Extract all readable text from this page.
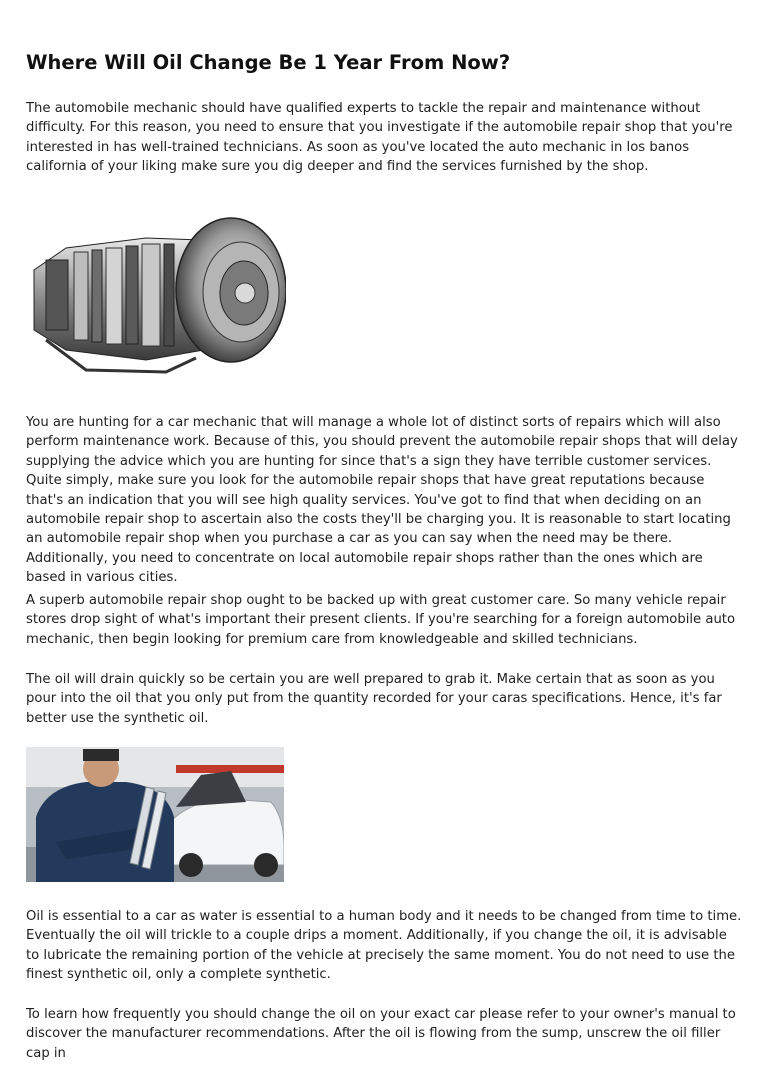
Where Will Oil Change Be 1 Year From Now?

The automobile mechanic should have qualified experts to tackle the repair and maintenance without difficulty. For this reason, you need to ensure that you investigate if the automobile repair shop that you're interested in has well-trained technicians. As soon as you've located the auto mechanic in los banos california of your liking make sure you dig deeper and find the services furnished by the shop.

You are hunting for a car mechanic that will manage a whole lot of distinct sorts of repairs which will also perform maintenance work. Because of this, you should prevent the automobile repair shops that will delay supplying the advice which you are hunting for since that's a sign they have terrible customer services. Quite simply, make sure you look for the automobile repair shops that have great reputations because that's an indication that you will see high quality services. You've got to find that when deciding on an automobile repair shop to ascertain also the costs they'll be charging you. It is reasonable to start locating an automobile repair shop when you purchase a car as you can say when the need may be there. Additionally, you need to concentrate on local automobile repair shops rather than the ones which are based in various cities.

A superb automobile repair shop ought to be backed up with great customer care. So many vehicle repair stores drop sight of what's important their present clients. If you're searching for a foreign automobile auto mechanic, then begin looking for premium care from knowledgeable and skilled technicians.

The oil will drain quickly so be certain you are well prepared to grab it. Make certain that as soon as you pour into the oil that you only put from the quantity recorded for your caras specifications. Hence, it's far better use the synthetic oil.

Oil is essential to a car as water is essential to a human body and it needs to be changed from time to time. Eventually the oil will trickle to a couple drips a moment. Additionally, if you change the oil, it is advisable to lubricate the remaining portion of the vehicle at precisely the same moment. You do not need to use the finest synthetic oil, only a complete synthetic.

To learn how frequently you should change the oil on your exact car please refer to your owner's manual to discover the manufacturer recommendations. After the oil is flowing from the sump, unscrew the oil filler cap in
